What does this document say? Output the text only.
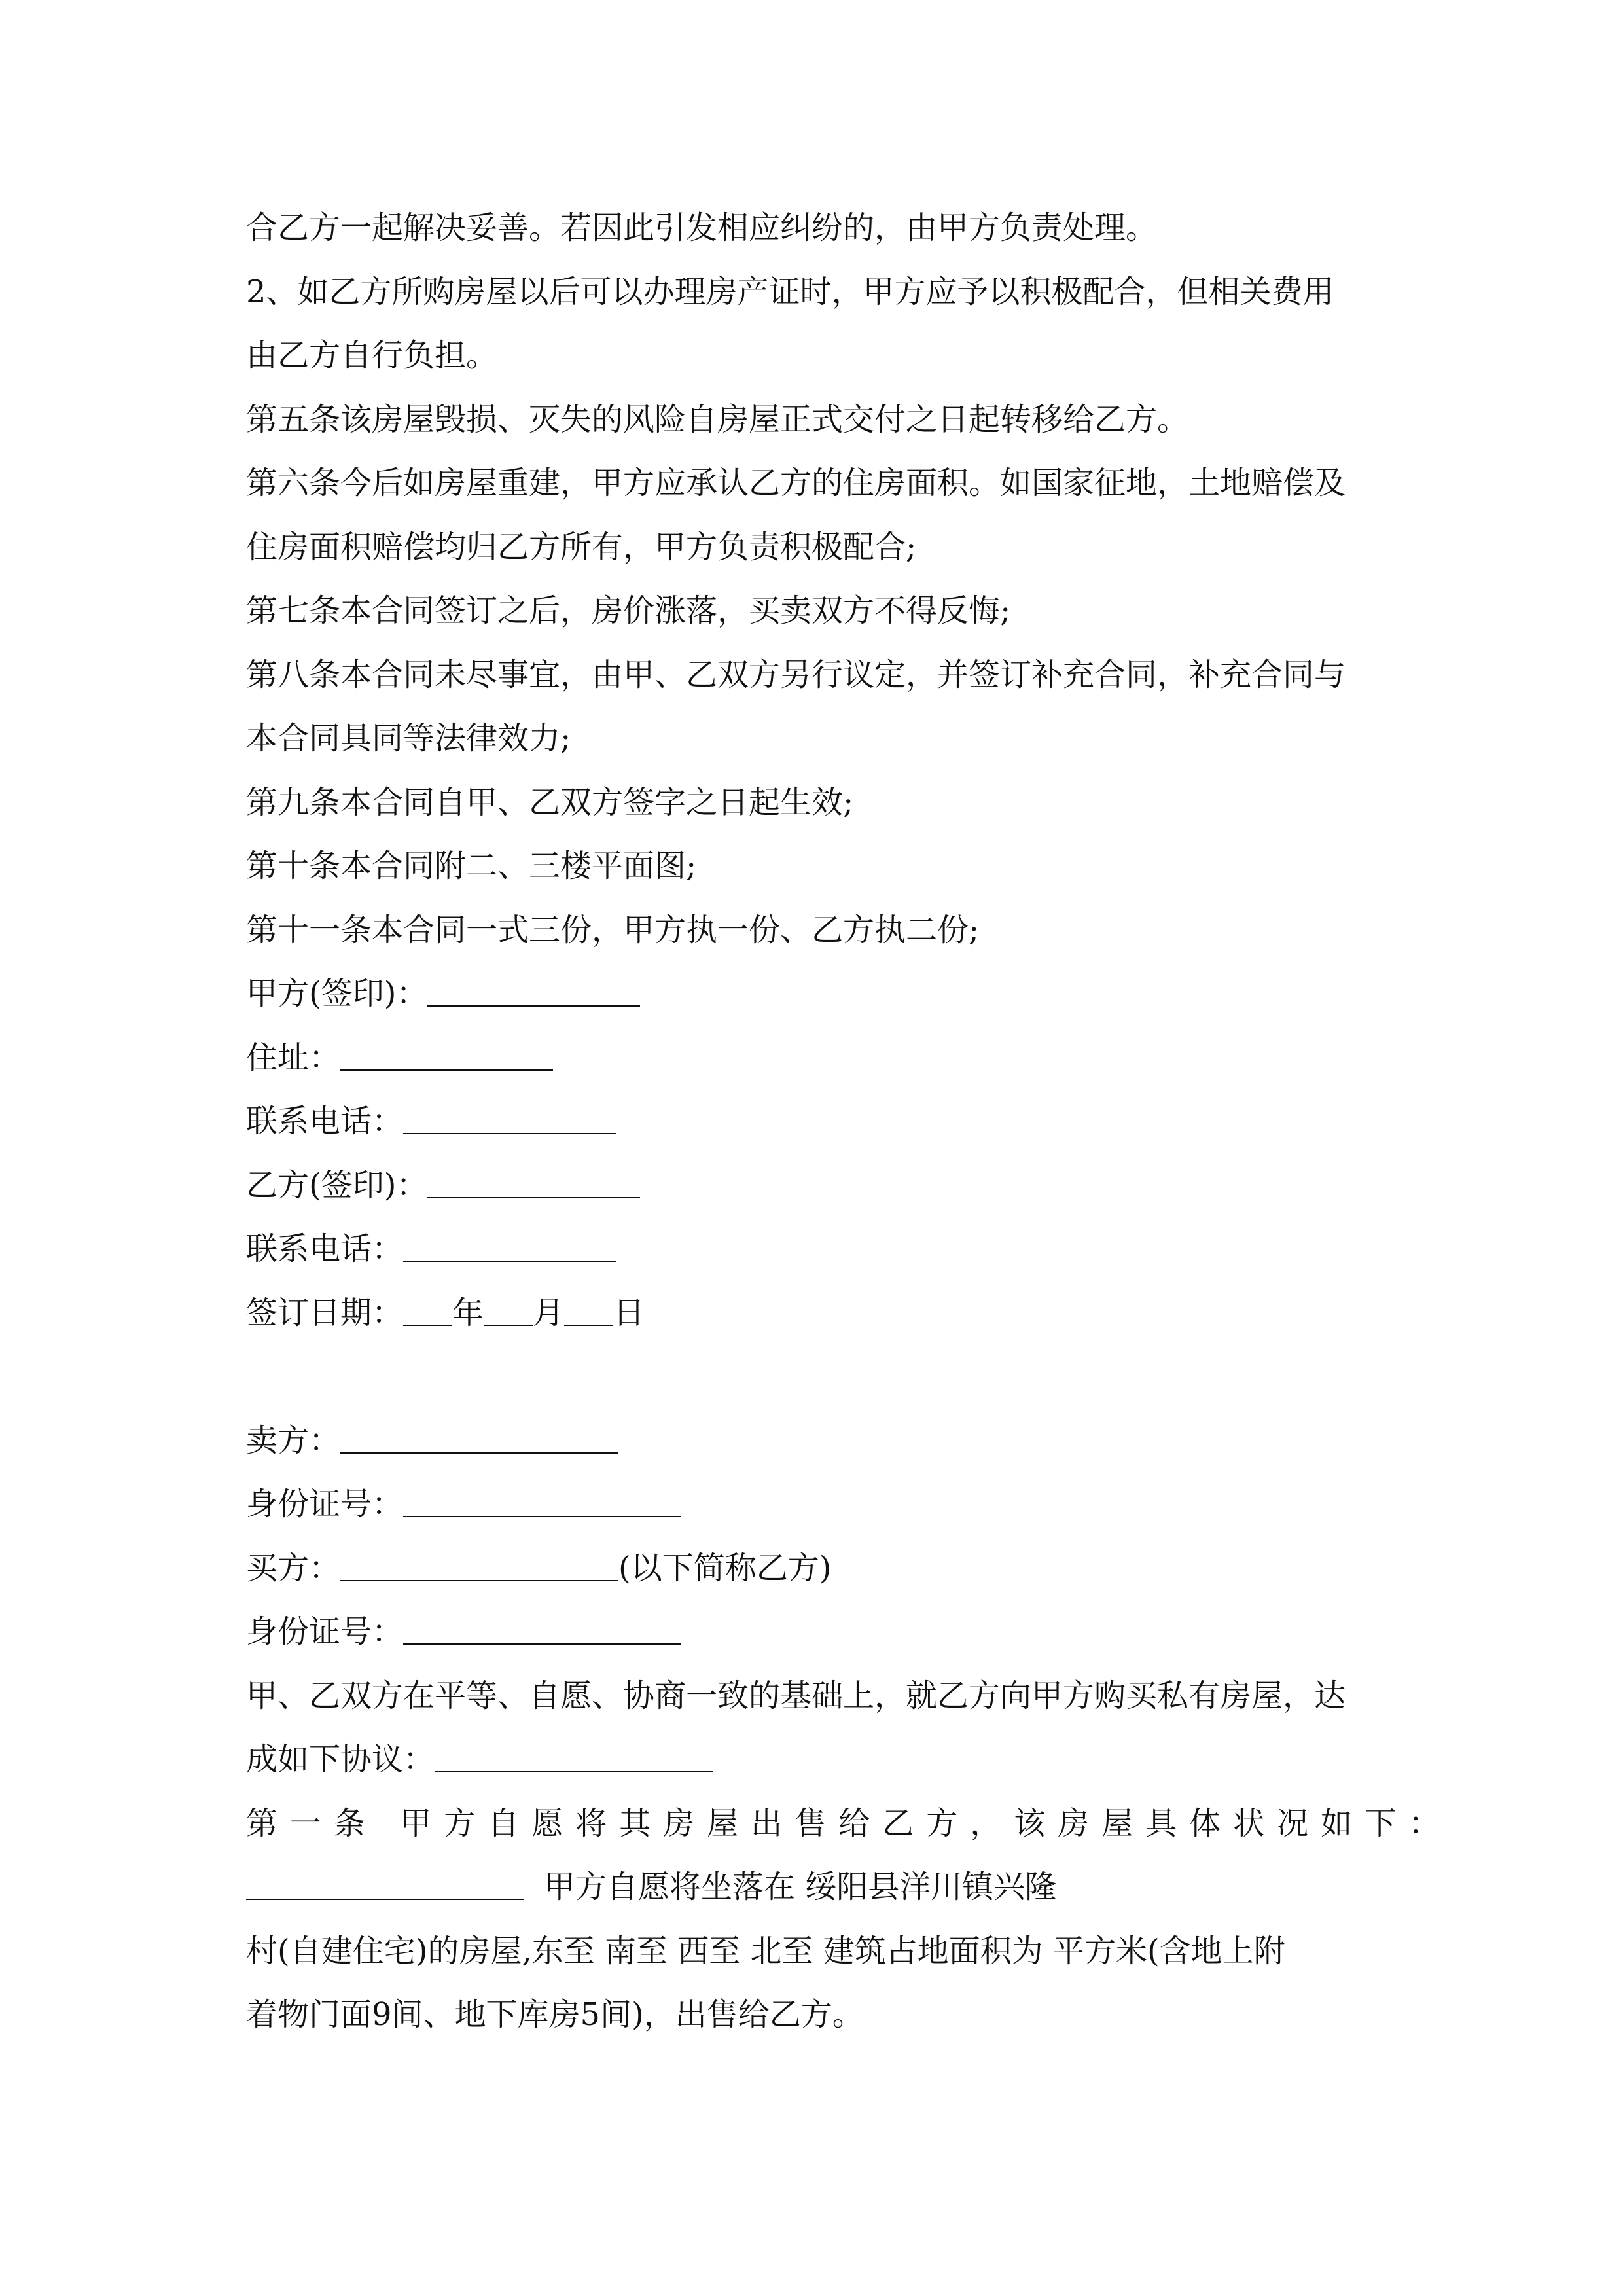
合乙方一起解决妥善。若因此引发相应纠纷的，由甲方负责处理。
2、如乙方所购房屋以后可以办理房产证时，甲方应予以积极配合，但相关费用
由乙方自行负担。
第五条该房屋毁损、灭失的风险自房屋正式交付之日起转移给乙方。
第六条今后如房屋重建，甲方应承认乙方的住房面积。如国家征地，土地赔偿及
住房面积赔偿均归乙方所有，甲方负责积极配合;
第七条本合同签订之后，房价涨落，买卖双方不得反悔;
第八条本合同未尽事宜，由甲、乙双方另行议定，并签订补充合同，补充合同与
本合同具同等法律效力;
第九条本合同自甲、乙双方签字之日起生效;
第十条本合同附二、三楼平面图;
第十一条本合同一式三份，甲方执一份、乙方执二份;
甲方(签印)：
住址：
联系电话：
乙方(签印)：
联系电话：
签订日期： 年 月 日
卖方：
身份证号：
买方：	(以下简称乙方)
身份证号：
甲、乙双方在平等、自愿、协商一致的基础上，就乙方向甲方购买私有房屋，达
成如下协议：
第一条 甲方自愿将其房屋出售给乙方，该房屋具体状况如下：
甲方自愿将坐落在 绥阳县洋川镇兴隆
村(自建住宅)的房屋,东至 南至 西至 北至 建筑占地面积为 平方米(含地上附
着物门面9间、地下库房5间)，出售给乙方。
